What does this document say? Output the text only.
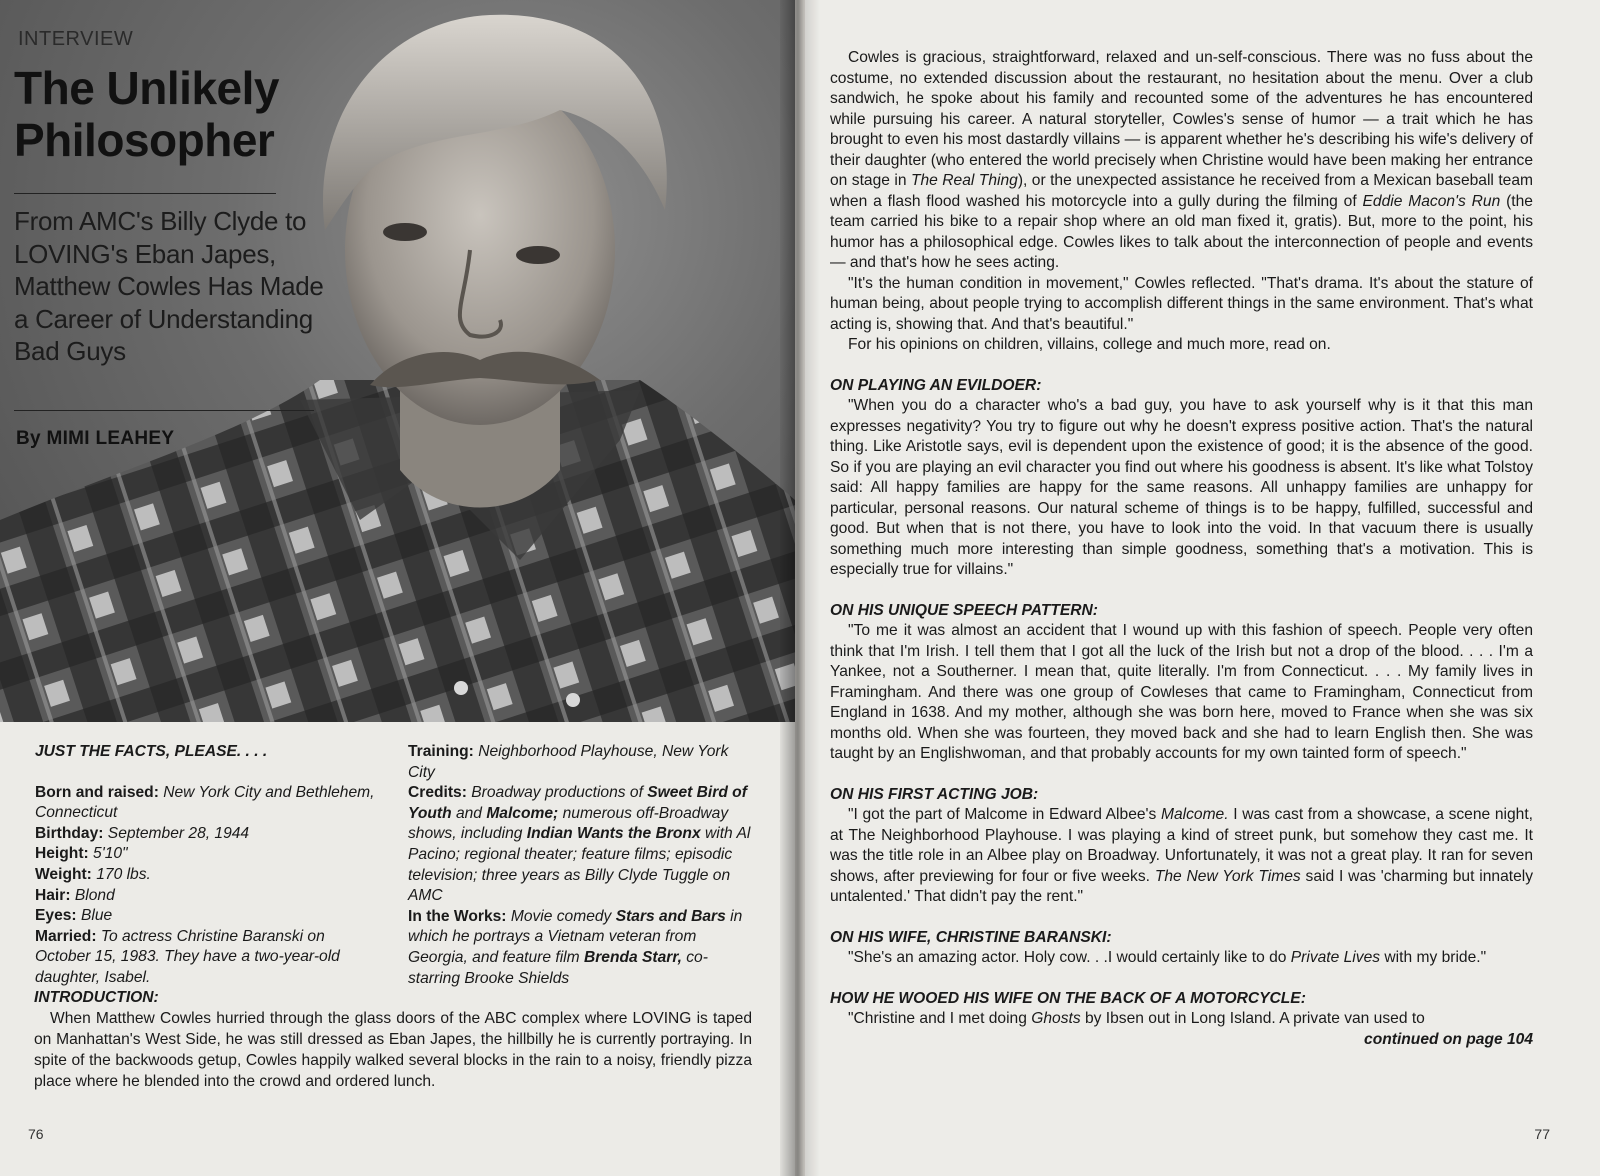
INTERVIEW
The Unlikely
Philosopher
From AMC's Billy Clyde to LOVING's Eban Japes, Matthew Cowles Has Made a Career of Understanding Bad Guys
By MIMI LEAHEY
JUST THE FACTS, PLEASE. . . .
Born and raised: New York City and Bethlehem, Connecticut
Birthday: September 28, 1944
Height: 5'10"
Weight: 170 lbs.
Hair: Blond
Eyes: Blue
Married: To actress Christine Baranski on October 15, 1983. They have a two-year-old daughter, Isabel.
Training: Neighborhood Playhouse, New York City
Credits: Broadway productions of Sweet Bird of Youth and Malcome; numerous off-Broadway shows, including Indian Wants the Bronx with Al Pacino; regional theater; feature films; episodic television; three years as Billy Clyde Tuggle on AMC
In the Works: Movie comedy Stars and Bars in which he portrays a Vietnam veteran from Georgia, and feature film Brenda Starr, co-starring Brooke Shields
INTRODUCTION:

When Matthew Cowles hurried through the glass doors of the ABC complex where LOVING is taped on Manhattan's West Side, he was still dressed as Eban Japes, the hillbilly he is currently portraying. In spite of the backwoods getup, Cowles happily walked several blocks in the rain to a noisy, friendly pizza place where he blended into the crowd and ordered lunch.

76

Cowles is gracious, straightforward, relaxed and un-self-conscious. There was no fuss about the costume, no extended discussion about the restaurant, no hesitation about the menu. Over a club sandwich, he spoke about his family and recounted some of the adventures he has encountered while pursuing his career. A natural storyteller, Cowles's sense of humor — a trait which he has brought to even his most dastardly villains — is apparent whether he's describing his wife's delivery of their daughter (who entered the world precisely when Christine would have been making her entrance on stage in The Real Thing), or the unexpected assistance he received from a Mexican baseball team when a flash flood washed his motorcycle into a gully during the filming of Eddie Macon's Run (the team carried his bike to a repair shop where an old man fixed it, gratis). But, more to the point, his humor has a philosophical edge. Cowles likes to talk about the interconnection of people and events — and that's how he sees acting.

"It's the human condition in movement," Cowles reflected. "That's drama. It's about the stature of human being, about people trying to accomplish different things in the same environment. That's what acting is, showing that. And that's beautiful."

For his opinions on children, villains, college and much more, read on.

ON PLAYING AN EVILDOER:

"When you do a character who's a bad guy, you have to ask yourself why is it that this man expresses negativity? You try to figure out why he doesn't express positive action. That's the natural thing. Like Aristotle says, evil is dependent upon the existence of good; it is the absence of the good. So if you are playing an evil character you find out where his goodness is absent. It's like what Tolstoy said: All happy families are happy for the same reasons. All unhappy families are unhappy for particular, personal reasons. Our natural scheme of things is to be happy, fulfilled, successful and good. But when that is not there, you have to look into the void. In that vacuum there is usually something much more interesting than simple goodness, something that's a motivation. This is especially true for villains."

ON HIS UNIQUE SPEECH PATTERN:

"To me it was almost an accident that I wound up with this fashion of speech. People very often think that I'm Irish. I tell them that I got all the luck of the Irish but not a drop of the blood. . . . I'm a Yankee, not a Southerner. I mean that, quite literally. I'm from Connecticut. . . . My family lives in Framingham. And there was one group of Cowleses that came to Framingham, Connecticut from England in 1638. And my mother, although she was born here, moved to France when she was six months old. When she was fourteen, they moved back and she had to learn English then. She was taught by an Englishwoman, and that probably accounts for my own tainted form of speech."

ON HIS FIRST ACTING JOB:

"I got the part of Malcome in Edward Albee's Malcome. I was cast from a showcase, a scene night, at The Neighborhood Playhouse. I was playing a kind of street punk, but somehow they cast me. It was the title role in an Albee play on Broadway. Unfortunately, it was not a great play. It ran for seven shows, after previewing for four or five weeks. The New York Times said I was 'charming but innately untalented.' That didn't pay the rent."

ON HIS WIFE, CHRISTINE BARANSKI:

"She's an amazing actor. Holy cow. . .I would certainly like to do Private Lives with my bride."

HOW HE WOOED HIS WIFE ON THE BACK OF A MOTORCYCLE:

"Christine and I met doing Ghosts by Ibsen out in Long Island. A private van used to

continued on page 104
77
